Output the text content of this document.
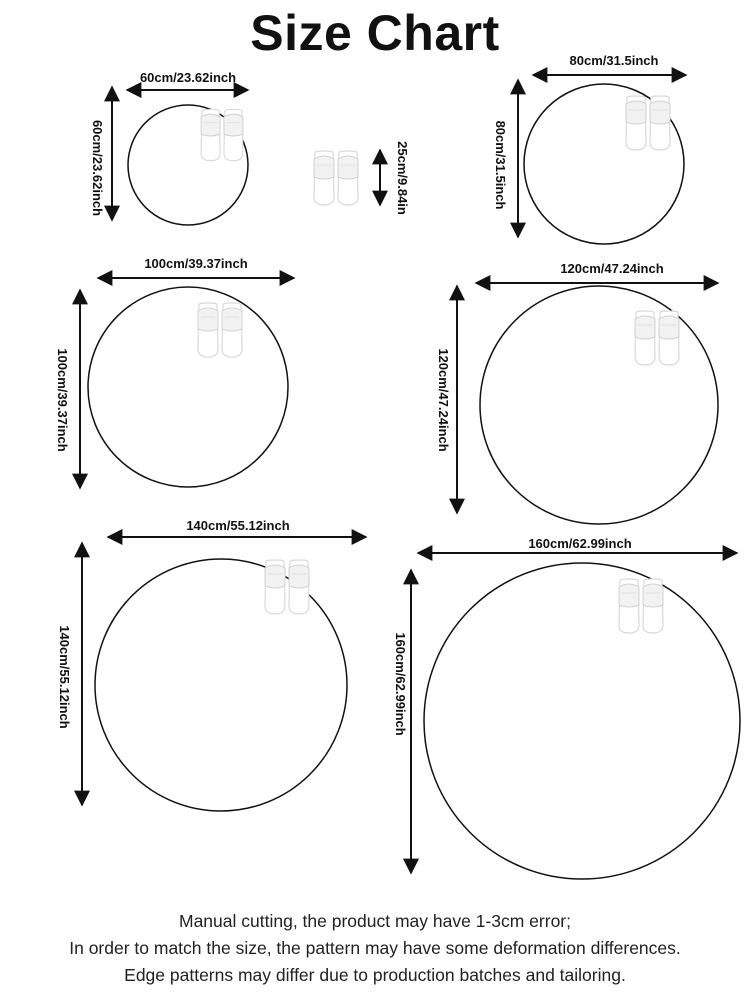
Size Chart
60cm/23.62inch
60cm/23.62inch	25cm/9.84in
80cm/31.5inch
80cm/31.5inch
100cm/39.37inch
100cm/39.37inch
120cm/47.24inch
120cm/47.24inch
140cm/55.12inch
140cm/55.12inch
160cm/62.99inch
160cm/62.99inch
Manual cutting, the product may have 1-3cm error;
In order to match the size, the pattern may have some deformation differences.
Edge patterns may differ due to production batches and tailoring.
